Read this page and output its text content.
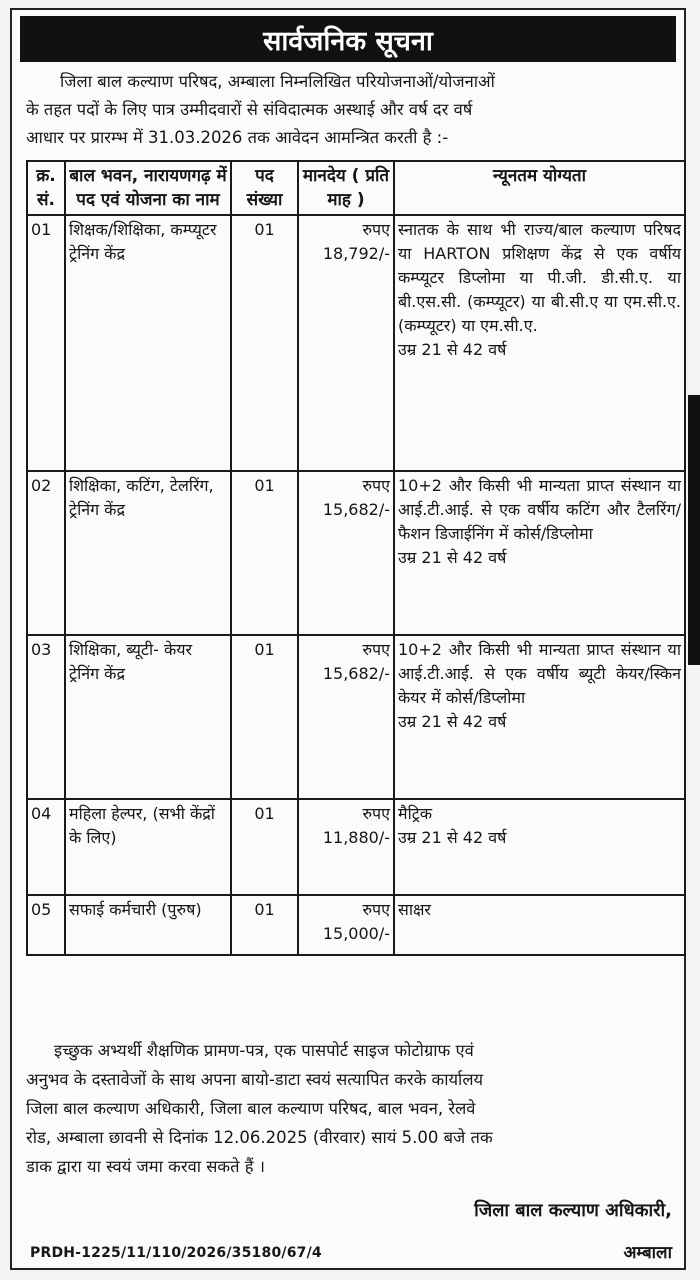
सार्वजनिक सूचना
जिला बाल कल्याण परिषद, अम्बाला निम्नलिखित परियोजनाओं/योजनाओं
के तहत पदों के लिए पात्र उम्मीदवारों से संविदात्मक अस्थाई और वर्ष दर वर्ष
आधार पर प्रारम्भ में 31.03.2026 तक आवेदन आमन्त्रित करती है :-
क्र. सं.	बाल भवन, नारायणगढ़ में पद एवं योजना का नाम	पद संख्या	मानदेय ( प्रति माह )	न्यूनतम योग्यता
01	शिक्षक/शिक्षिका, कम्प्यूटर ट्रेनिंग केंद्र	01	रुपए 18,792/-	स्नातक के साथ भी राज्य/बाल कल्याण परिषद या HARTON प्रशिक्षण केंद्र से एक वर्षीय कम्प्यूटर डिप्लोमा या पी.जी. डी.सी.ए. या बी.एस.सी. (कम्प्यूटर) या बी.सी.ए या एम.सी.ए. (कम्प्यूटर) या एम.सी.ए.
उम्र 21 से 42 वर्ष

02	शिक्षिका, कटिंग, टेलरिंग, ट्रेनिंग केंद्र	01	रुपए 15,682/-	10+2 और किसी भी मान्यता प्राप्त संस्थान या आई.टी.आई. से एक वर्षीय कटिंग और टैलरिंग/फैशन डिजाईनिंग में कोर्स/डिप्लोमा
उम्र 21 से 42 वर्ष

03	शिक्षिका, ब्यूटी- केयर ट्रेनिंग केंद्र	01	रुपए 15,682/-	10+2 और किसी भी मान्यता प्राप्त संस्थान या आई.टी.आई. से एक वर्षीय ब्यूटी केयर/स्किन केयर में कोर्स/डिप्लोमा
उम्र 21 से 42 वर्ष

04	महिला हेल्पर, (सभी केंद्रों के लिए)	01	रुपए 11,880/-	मैट्रिक
उम्र 21 से 42 वर्ष

05	सफाई कर्मचारी (पुरुष)	01	रुपए 15,000/-	साक्षर
इच्छुक अभ्यर्थी शैक्षणिक प्रामण-पत्र, एक पासपोर्ट साइज फोटोग्राफ एवं
अनुभव के दस्तावेजों के साथ अपना बायो-डाटा स्वयं सत्यापित करके कार्यालय
जिला बाल कल्याण अधिकारी, जिला बाल कल्याण परिषद, बाल भवन, रेलवे
रोड, अम्बाला छावनी से दिनांक 12.06.2025 (वीरवार) सायं 5.00 बजे तक
डाक द्वारा या स्वयं जमा करवा सकते हैं ।
जिला बाल कल्याण अधिकारी,
अम्बाला
PRDH-1225/11/110/2026/35180/67/4
